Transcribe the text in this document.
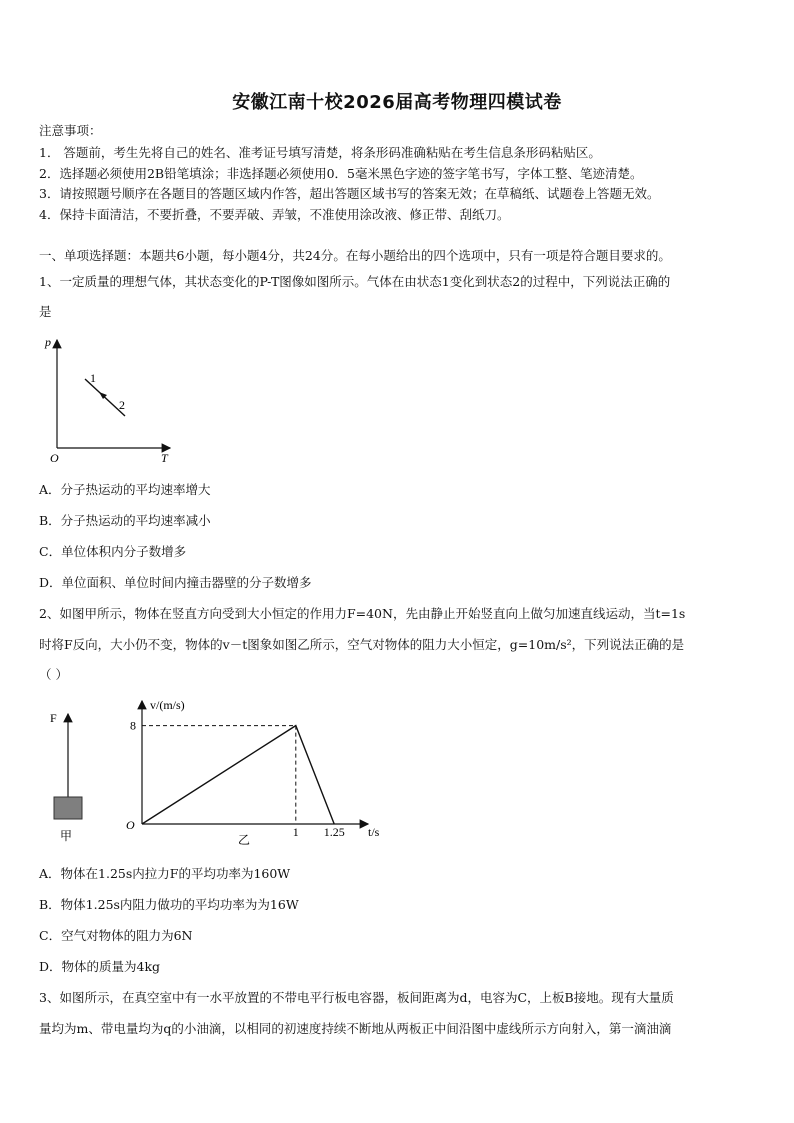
安徽江南十校2026届高考物理四模试卷
注意事项：
1． 答题前，考生先将自己的姓名、准考证号填写清楚，将条形码准确粘贴在考生信息条形码粘贴区。
2．选择题必须使用2B铅笔填涂；非选择题必须使用0．5毫米黑色字迹的签字笔书写，字体工整、笔迹清楚。
3．请按照题号顺序在各题目的答题区域内作答，超出答题区域书写的答案无效；在草稿纸、试题卷上答题无效。
4．保持卡面清洁，不要折叠，不要弄破、弄皱，不准使用涂改液、修正带、刮纸刀。
一、单项选择题：本题共6小题，每小题4分，共24分。在每小题给出的四个选项中，只有一项是符合题目要求的。
1、一定质量的理想气体，其状态变化的P-T图像如图所示。气体在由状态1变化到状态2的过程中，下列说法正确的
是
p
T
O
1
2
A．分子热运动的平均速率增大
B．分子热运动的平均速率减小
C．单位体积内分子数增多
D．单位面积、单位时间内撞击器壁的分子数增多
2、如图甲所示，物体在竖直方向受到大小恒定的作用力F=40N，先由静止开始竖直向上做匀加速直线运动，当t=1s
时将F反向，大小仍不变，物体的v－t图象如图乙所示，空气对物体的阻力大小恒定，g=10m/s²，下列说法正确的是
（ ）
F
甲
v/(m/s)
t/s
O
8
1 1.25
乙
A．物体在1.25s内拉力F的平均功率为160W
B．物体1.25s内阻力做功的平均功率为为16W
C．空气对物体的阻力为6N
D．物体的质量为4kg
3、如图所示，在真空室中有一水平放置的不带电平行板电容器，板间距离为d，电容为C，上板B接地。现有大量质
量均为m、带电量均为q的小油滴，以相同的初速度持续不断地从两板正中间沿图中虚线所示方向射入，第一滴油滴
